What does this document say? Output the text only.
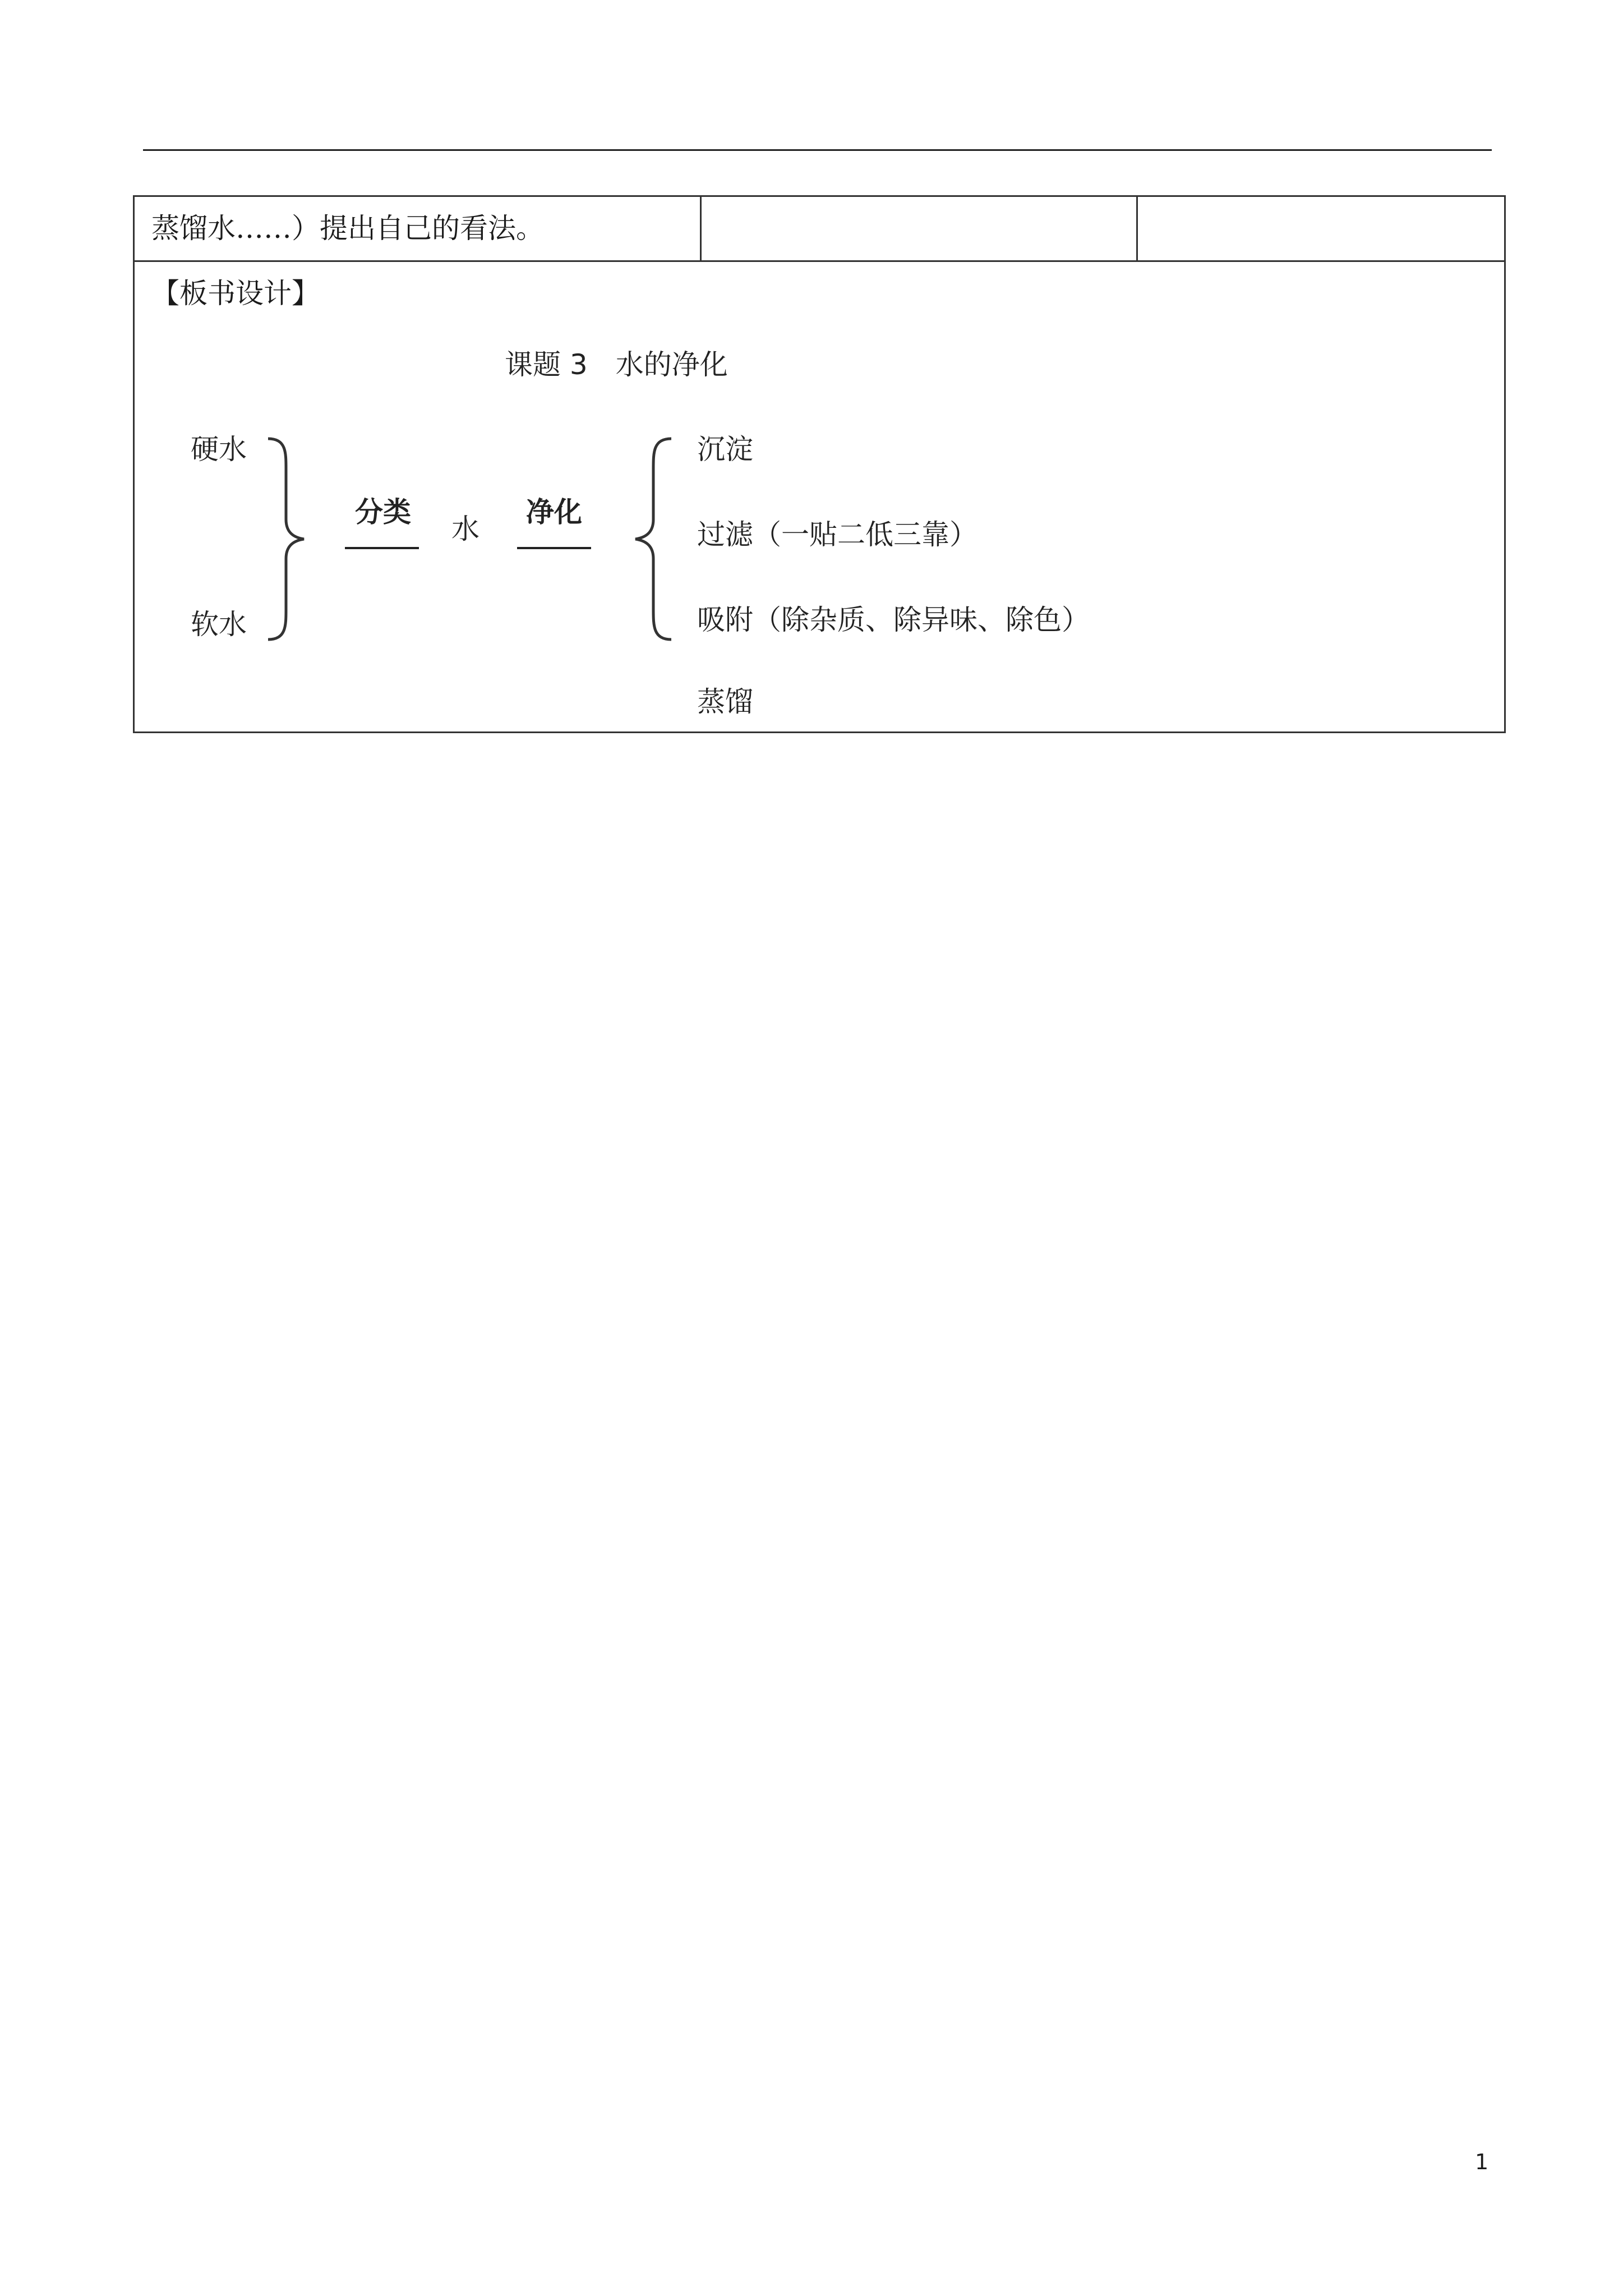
蒸馏水……）提出自己的看法。
【板书设计】
课题 3　水的净化
硬水
软水
分类
水
净化
沉淀
过滤（一贴二低三靠）
吸附（除杂质、除异味、除色）
蒸馏
1
